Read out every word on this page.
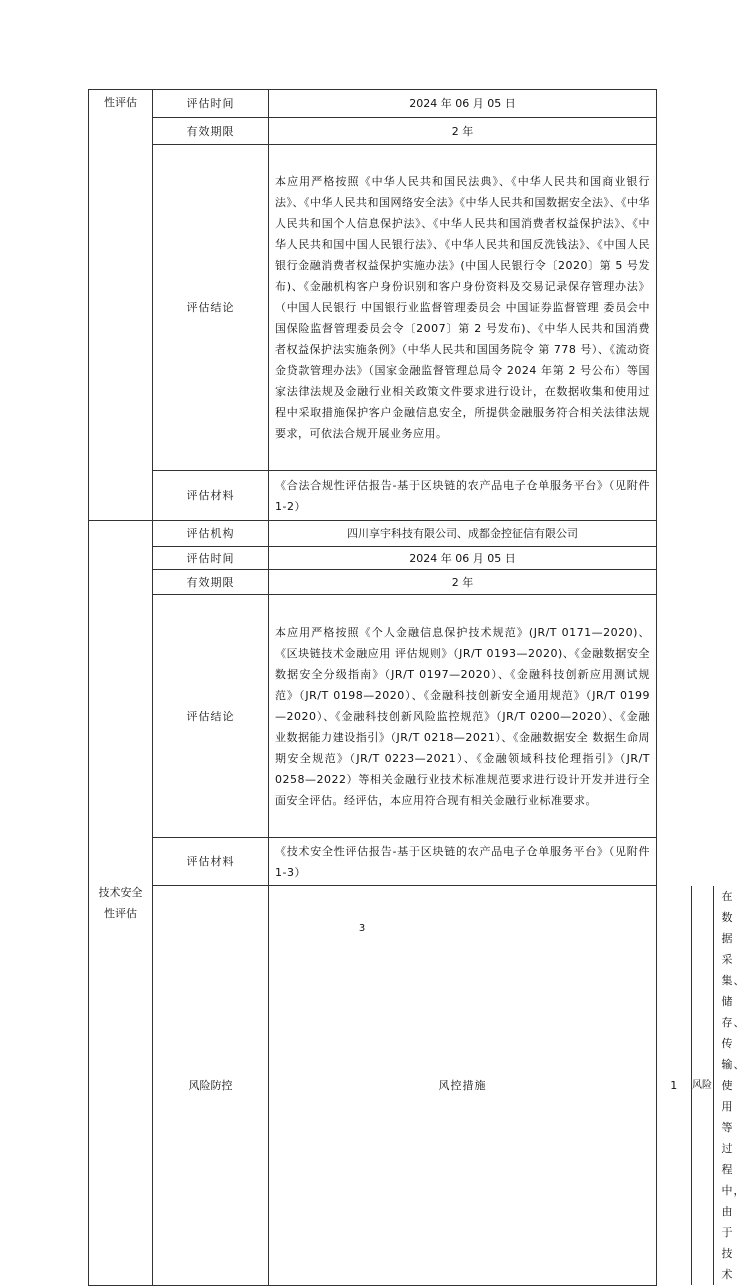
性评估	评估时间	2024 年 06 月 05 日
有效期限	2 年
评估结论	本应用严格按照《中华人民共和国民法典》、《中华人民共和国商业银行法》、《中华人民共和国网络安全法》《中华人民共和国数据安全法》、《中华人民共和国个人信息保护法》、《中华人民共和国消费者权益保护法》、《中华人民共和国中国人民银行法》、《中华人民共和国反洗钱法》、《中国人民银行金融消费者权益保护实施办法》(中国人民银行令〔2020〕第 5 号发布)、《金融机构客户身份识别和客户身份资料及交易记录保存管理办法》（中国人民银行 中国银行业监督管理委员会 中国证券监督管理 委员会中国保险监督管理委员会令〔2007〕第 2 号发布)、《中华人民共和国消费者权益保护法实施条例》（中华人民共和国国务院令 第 778 号）、《流动资金贷款管理办法》（国家金融监督管理总局令 2024 年第 2 号公布）等国家法律法规及金融行业相关政策文件要求进行设计，在数据收集和使用过程中采取措施保护客户金融信息安全，所提供金融服务符合相关法律法规要求，可依法合规开展业务应用。
评估材料	《合法合规性评估报告-基于区块链的农产品电子仓单服务平台》（见附件 1-2）
技术安全性评估	评估机构	四川享宇科技有限公司、成都金控征信有限公司
评估时间	2024 年 06 月 05 日
有效期限	2 年
评估结论	本应用严格按照《个人金融信息保护技术规范》(JR/T 0171—2020)、《区块链技术金融应用 评估规则》（JR/T 0193—2020)、《金融数据安全 数据安全分级指南》（JR/T 0197—2020）、《金融科技创新应用测试规范》（JR/T 0198—2020）、《金融科技创新安全通用规范》（JR/T 0199—2020）、《金融科技创新风险监控规范》（JR/T 0200—2020）、《金融业数据能力建设指引》（JR/T 0218—2021）、《金融数据安全 数据生命周期安全规范》（JR/T 0223—2021）、《金融领域科技伦理指引》（JR/T 0258—2022）等相关金融行业技术标准规范要求进行设计开发并进行全面安全评估。经评估，本应用符合现有相关金融行业标准要求。
评估材料	《技术安全性评估报告-基于区块链的农产品电子仓单服务平台》（见附件 1-3）
风险防控	风控措施		1	风险	在数据采集、储存、传输、使用等过程中，由于技术
3
